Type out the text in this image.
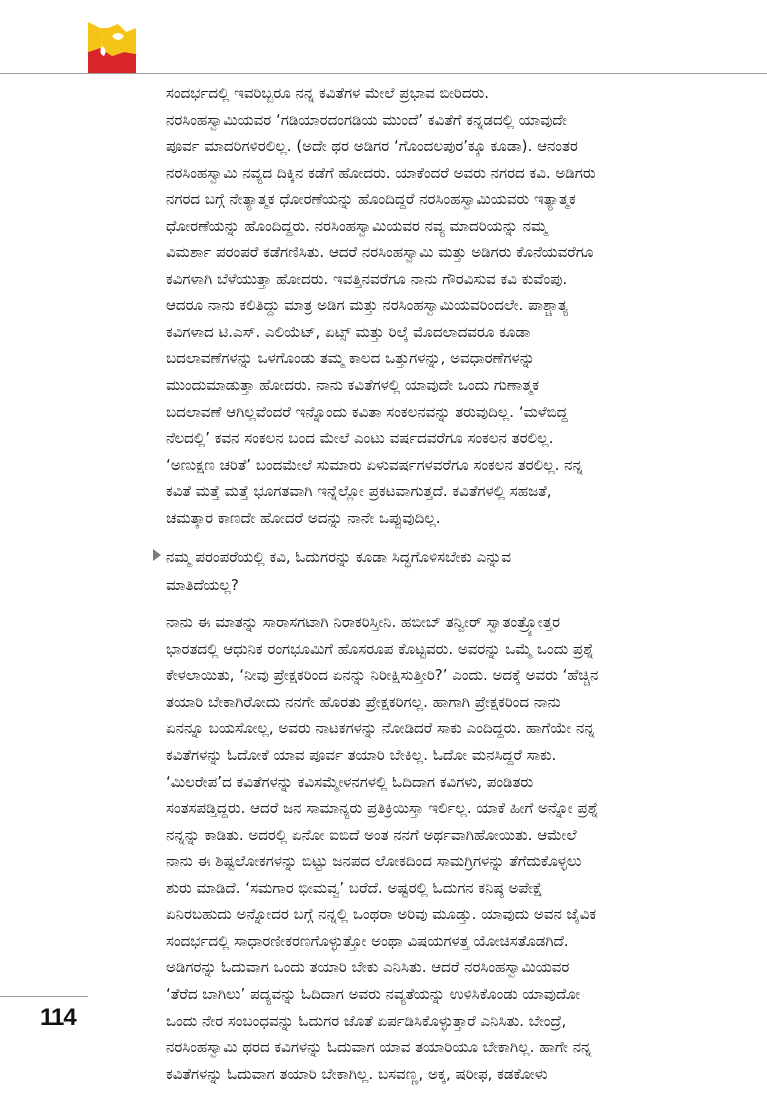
ಸಂದರ್ಭದಲ್ಲಿ ಇವರಿಬ್ಬರೂ ನನ್ನ ಕವಿತೆಗಳ ಮೇಲೆ ಪ್ರಭಾವ ಬೀರಿದರು.

ನರಸಿಂಹಸ್ವಾಮಿಯವರ ‘ಗಡಿಯಾರದಂಗಡಿಯ ಮುಂದೆ’ ಕವಿತೆಗೆ ಕನ್ನಡದಲ್ಲಿ ಯಾವುದೇ

ಪೂರ್ವ ಮಾದರಿಗಳಿರಲಿಲ್ಲ. (ಅದೇ ಥರ ಅಡಿಗರ ‘ಗೊಂದಲಪುರ’ಕ್ಕೂ ಕೂಡಾ). ಆನಂತರ

ನರಸಿಂಹಸ್ವಾಮಿ ನವ್ಯದ ದಿಕ್ಕಿನ ಕಡೆಗೆ ಹೋದರು. ಯಾಕೆಂದರೆ ಅವರು ನಗರದ ಕವಿ. ಅಡಿಗರು

ನಗರದ ಬಗ್ಗೆ ನೇತ್ಯಾತ್ಮಕ ಧೋರಣೆಯನ್ನು ಹೊಂದಿದ್ದರೆ ನರಸಿಂಹಸ್ವಾಮಿಯವರು ಇತ್ಯಾತ್ಮಕ

ಧೋರಣೆಯನ್ನು ಹೊಂದಿದ್ದರು. ನರಸಿಂಹಸ್ವಾಮಿಯವರ ನವ್ಯ ಮಾದರಿಯನ್ನು ನಮ್ಮ

ವಿಮರ್ಶಾ ಪರಂಪರೆ ಕಡೆಗಣಿಸಿತು. ಆದರೆ ನರಸಿಂಹಸ್ವಾಮಿ ಮತ್ತು ಅಡಿಗರು ಕೊನೆಯವರೆಗೂ

ಕವಿಗಳಾಗಿ ಬೆಳೆಯುತ್ತಾ ಹೋದರು. ಇವತ್ತಿನವರೆಗೂ ನಾನು ಗೌರವಿಸುವ ಕವಿ ಕುವೆಂಪು.

ಆದರೂ ನಾನು ಕಲಿತಿದ್ದು ಮಾತ್ರ ಅಡಿಗ ಮತ್ತು ನರಸಿಂಹಸ್ವಾಮಿಯವರಿಂದಲೇ. ಪಾಶ್ಚಾತ್ಯ

ಕವಿಗಳಾದ ಟಿ.ಎಸ್. ಎಲಿಯೆಟ್, ಏಟ್ಸ್ ಮತ್ತು ರಿಲ್ಕೆ ಮೊದಲಾದವರೂ ಕೂಡಾ

ಬದಲಾವಣೆಗಳನ್ನು ಒಳಗೊಂಡು ತಮ್ಮ ಕಾಲದ ಒತ್ತುಗಳನ್ನು, ಅವಧಾರಣೆಗಳನ್ನು

ಮುಂದುಮಾಡುತ್ತಾ ಹೋದರು. ನಾನು ಕವಿತೆಗಳಲ್ಲಿ ಯಾವುದೇ ಒಂದು ಗುಣಾತ್ಮಕ

ಬದಲಾವಣೆ ಆಗಿಲ್ಲವೆಂದರೆ ಇನ್ನೊಂದು ಕವಿತಾ ಸಂಕಲನವನ್ನು ತರುವುದಿಲ್ಲ. ‘ಮಳೆಬಿದ್ದ

ನೆಲದಲ್ಲಿ’ ಕವನ ಸಂಕಲನ ಬಂದ ಮೇಲೆ ಎಂಟು ವರ್ಷದವರೆಗೂ ಸಂಕಲನ ತರಲಿಲ್ಲ.

‘ಅಣುಕ್ಷಣ ಚರಿತೆ’ ಬಂದಮೇಲೆ ಸುಮಾರು ಏಳುವರ್ಷಗಳವರೆಗೂ ಸಂಕಲನ ತರಲಿಲ್ಲ. ನನ್ನ

ಕವಿತೆ ಮತ್ತೆ ಮತ್ತೆ ಭೂಗತವಾಗಿ ಇನ್ನೆಲ್ಲೋ ಪ್ರಕಟವಾಗುತ್ತದೆ. ಕವಿತೆಗಳಲ್ಲಿ ಸಹಜತೆ,

ಚಮತ್ಕಾರ ಕಾಣದೇ ಹೋದರೆ ಅದನ್ನು ನಾನೇ ಒಪ್ಪುವುದಿಲ್ಲ.

ನಮ್ಮ ಪರಂಪರೆಯಲ್ಲಿ ಕವಿ, ಓದುಗರನ್ನು ಕೂಡಾ ಸಿದ್ಧಗೊಳಿಸಬೇಕು ಎನ್ನುವ

ಮಾತಿದೆಯಲ್ಲ?

ನಾನು ಈ ಮಾತನ್ನು ಸಾರಾಸಗಟಾಗಿ ನಿರಾಕರಿಸ್ತೀನಿ. ಹಬೀಬ್ ತನ್ವೀರ್ ಸ್ವಾತಂತ್ರ್ಯೋತ್ತರ

ಭಾರತದಲ್ಲಿ ಆಧುನಿಕ ರಂಗಭೂಮಿಗೆ ಹೊಸರೂಪ ಕೊಟ್ಟವರು. ಅವರನ್ನು ಒಮ್ಮೆ ಒಂದು ಪ್ರಶ್ನೆ

ಕೇಳಲಾಯಿತು, ‘ನೀವು ಪ್ರೇಕ್ಷಕರಿಂದ ಏನನ್ನು ನಿರೀಕ್ಷಿಸುತ್ತೀರಿ?’ ಎಂದು. ಅದಕ್ಕೆ ಅವರು ‘ಹೆಚ್ಚಿನ

ತಯಾರಿ ಬೇಕಾಗಿರೋದು ನನಗೇ ಹೊರತು ಪ್ರೇಕ್ಷಕರಿಗಲ್ಲ. ಹಾಗಾಗಿ ಪ್ರೇಕ್ಷಕರಿಂದ ನಾನು

ಏನನ್ನೂ ಬಯಸೋಲ್ಲ, ಅವರು ನಾಟಕಗಳನ್ನು ನೋಡಿದರೆ ಸಾಕು ಎಂದಿದ್ದರು. ಹಾಗೆಯೇ ನನ್ನ

ಕವಿತೆಗಳನ್ನು ಓದೋಕೆ ಯಾವ ಪೂರ್ವ ತಯಾರಿ ಬೇಕಿಲ್ಲ. ಓದೋ ಮನಸಿದ್ದರೆ ಸಾಕು.

‘ಮಿಲರೇಪ’ದ ಕವಿತೆಗಳನ್ನು ಕವಿಸಮ್ಮೇಳನಗಳಲ್ಲಿ ಓದಿದಾಗ ಕವಿಗಳು, ಪಂಡಿತರು

ಸಂತಸಪಡ್ತಿದ್ದರು. ಆದರೆ ಜನ ಸಾಮಾನ್ಯರು ಪ್ರತಿಕ್ರಿಯಿಸ್ತಾ ಇರ್ಲಿಲ್ಲ. ಯಾಕೆ ಹೀಗೆ ಅನ್ನೋ ಪ್ರಶ್ನೆ

ನನ್ನನ್ನು ಕಾಡಿತು. ಅದರಲ್ಲಿ ಏನೋ ಐಬಿದೆ ಅಂತ ನನಗೆ ಅರ್ಥವಾಗಿಹೋಯಿತು. ಆಮೇಲೆ

ನಾನು ಈ ಶಿಷ್ಟಲೋಕಗಳನ್ನು ಬಿಟ್ಟು ಜನಪದ ಲೋಕದಿಂದ ಸಾಮಗ್ರಿಗಳನ್ನು ತೆಗೆದುಕೊಳ್ಳಲು

ಶುರು ಮಾಡಿದೆ. ‘ಸಮಗಾರ ಭೀಮವ್ವ’ ಬರೆದೆ. ಅಷ್ಟರಲ್ಲಿ ಓದುಗನ ಕನಿಷ್ಠ ಅಪೇಕ್ಷೆ

ಏನಿರಬಹುದು ಅನ್ನೋದರ ಬಗ್ಗೆ ನನ್ನಲ್ಲಿ ಒಂಥರಾ ಅರಿವು ಮೂಡ್ತು. ಯಾವುದು ಅವನ ಜೈವಿಕ

ಸಂದರ್ಭದಲ್ಲಿ ಸಾಧಾರಣೀಕರಣಗೊಳ್ಳುತ್ತೋ ಅಂಥಾ ವಿಷಯಗಳತ್ತ ಯೋಚಿಸತೊಡಗಿದೆ.

ಅಡಿಗರನ್ನು ಓದುವಾಗ ಒಂದು ತಯಾರಿ ಬೇಕು ಎನಿಸಿತು. ಆದರೆ ನರಸಿಂಹಸ್ವಾಮಿಯವರ

‘ತೆರೆದ ಬಾಗಿಲು’ ಪದ್ಯವನ್ನು ಓದಿದಾಗ ಅವರು ನವ್ಯತೆಯನ್ನು ಉಳಿಸಿಕೊಂಡು ಯಾವುದೋ

ಒಂದು ನೇರ ಸಂಬಂಧವನ್ನು ಓದುಗರ ಜೊತೆ ಏರ್ಪಡಿಸಿಕೊಳ್ಳುತ್ತಾರೆ ಎನಿಸಿತು. ಬೇಂದ್ರೆ,

ನರಸಿಂಹಸ್ವಾಮಿ ಥರದ ಕವಿಗಳನ್ನು ಓದುವಾಗ ಯಾವ ತಯಾರಿಯೂ ಬೇಕಾಗಿಲ್ಲ. ಹಾಗೇ ನನ್ನ

ಕವಿತೆಗಳನ್ನು ಓದುವಾಗ ತಯಾರಿ ಬೇಕಾಗಿಲ್ಲ. ಬಸವಣ್ಣ, ಅಕ್ಕ, ಷರೀಫ, ಕಡಕೋಳು

114
